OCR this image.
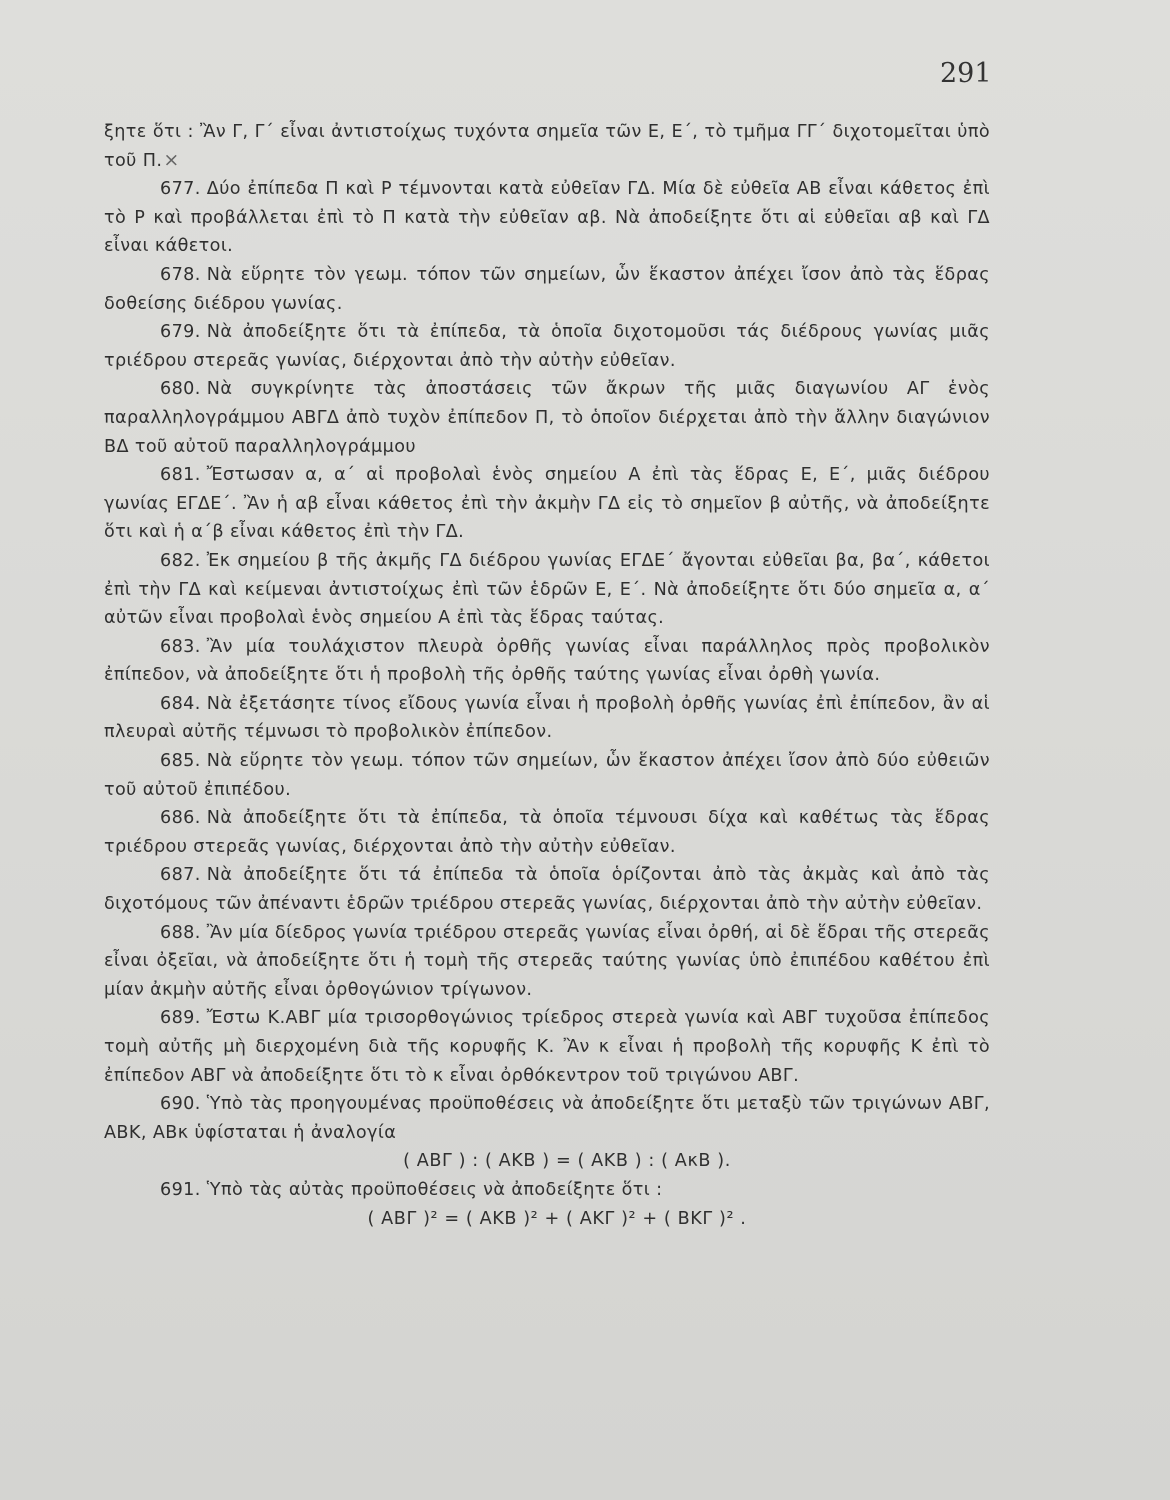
291

ξητε ὅτι : Ἂν Γ, Γ΄ εἶναι ἀντιστοίχως τυχόντα σημεῖα τῶν Ε, Ε΄, τὸ τμῆμα ΓΓ΄ διχοτομεῖται ὑπὸ τοῦ Π.×

677. Δύο ἐπίπεδα Π καὶ Ρ τέμνονται κατὰ εὐθεῖαν ΓΔ. Μία δὲ εὐθεῖα ΑΒ εἶναι κάθετος ἐπὶ τὸ Ρ καὶ προβάλλεται ἐπὶ τὸ Π κατὰ τὴν εὐθεῖαν αβ. Νὰ ἀποδείξητε ὅτι αἱ εὐθεῖαι αβ καὶ ΓΔ εἶναι κάθετοι.

678. Νὰ εὕρητε τὸν γεωμ. τόπον τῶν σημείων, ὧν ἕκαστον ἀπέχει ἴσον ἀπὸ τὰς ἕδρας δοθείσης διέδρου γωνίας.

679. Νὰ ἀποδείξητε ὅτι τὰ ἐπίπεδα, τὰ ὁποῖα διχοτομοῦσι τάς διέδρους γωνίας μιᾶς τριέδρου στερεᾶς γωνίας, διέρχονται ἀπὸ τὴν αὐτὴν εὐθεῖαν.

680. Νὰ συγκρίνητε τὰς ἀποστάσεις τῶν ἄκρων τῆς μιᾶς διαγωνίου ΑΓ ἑνὸς παραλληλογράμμου ΑΒΓΔ ἀπὸ τυχὸν ἐπίπεδον Π, τὸ ὁποῖον διέρχεται ἀπὸ τὴν ἄλλην διαγώνιον ΒΔ τοῦ αὐτοῦ παραλληλογράμμου

681. Ἔστωσαν α, α΄ αἱ προβολαὶ ἑνὸς σημείου Α ἐπὶ τὰς ἕδρας Ε, Ε΄, μιᾶς διέδρου γωνίας ΕΓΔΕ΄. Ἂν ἡ αβ εἶναι κάθετος ἐπὶ τὴν ἀκμὴν ΓΔ εἰς τὸ σημεῖον β αὐτῆς, νὰ ἀποδείξητε ὅτι καὶ ἡ α΄β εἶναι κάθετος ἐπὶ τὴν ΓΔ.

682. Ἐκ σημείου β τῆς ἀκμῆς ΓΔ διέδρου γωνίας ΕΓΔΕ΄ ἄγονται εὐθεῖαι βα, βα΄, κάθετοι ἐπὶ τὴν ΓΔ καὶ κείμεναι ἀντιστοίχως ἐπὶ τῶν ἑδρῶν Ε, Ε΄. Νὰ ἀποδείξητε ὅτι δύο σημεῖα α, α΄ αὐτῶν εἶναι προβολαὶ ἑνὸς σημείου Α ἐπὶ τὰς ἕδρας ταύτας.

683. Ἂν μία τουλάχιστον πλευρὰ ὀρθῆς γωνίας εἶναι παράλληλος πρὸς προβολικὸν ἐπίπεδον, νὰ ἀποδείξητε ὅτι ἡ προβολὴ τῆς ὀρθῆς ταύτης γωνίας εἶναι ὀρθὴ γωνία.

684. Νὰ ἐξετάσητε τίνος εἴδους γωνία εἶναι ἡ προβολὴ ὀρθῆς γωνίας ἐπὶ ἐπίπεδον, ἂν αἱ πλευραὶ αὐτῆς τέμνωσι τὸ προβολικὸν ἐπίπεδον.

685. Νὰ εὕρητε τὸν γεωμ. τόπον τῶν σημείων, ὧν ἕκαστον ἀπέχει ἴσον ἀπὸ δύο εὐθειῶν τοῦ αὐτοῦ ἐπιπέδου.

686. Νὰ ἀποδείξητε ὅτι τὰ ἐπίπεδα, τὰ ὁποῖα τέμνουσι δίχα καὶ καθέτως τὰς ἕδρας τριέδρου στερεᾶς γωνίας, διέρχονται ἀπὸ τὴν αὐτὴν εὐθεῖαν.

687. Νὰ ἀποδείξητε ὅτι τά ἐπίπεδα τὰ ὁποῖα ὁρίζονται ἀπὸ τὰς ἀκμὰς καὶ ἀπὸ τὰς διχοτόμους τῶν ἀπέναντι ἑδρῶν τριέδρου στερεᾶς γωνίας, διέρχονται ἀπὸ τὴν αὐτὴν εὐθεῖαν.

688. Ἂν μία δίεδρος γωνία τριέδρου στερεᾶς γωνίας εἶναι ὀρθή, αἱ δὲ ἕδραι τῆς στερεᾶς εἶναι ὀξεῖαι, νὰ ἀποδείξητε ὅτι ἡ τομὴ τῆς στερεᾶς ταύτης γωνίας ὑπὸ ἐπιπέδου καθέτου ἐπὶ μίαν ἀκμὴν αὐτῆς εἶναι ὀρθογώνιον τρίγωνον.

689. Ἔστω Κ.ΑΒΓ μία τρισορθογώνιος τρίεδρος στερεὰ γωνία καὶ ΑΒΓ τυχοῦσα ἐπίπεδος τομὴ αὐτῆς μὴ διερχομένη διὰ τῆς κορυφῆς Κ. Ἂν κ εἶναι ἡ προβολὴ τῆς κορυφῆς Κ ἐπὶ τὸ ἐπίπεδον ΑΒΓ νὰ ἀποδείξητε ὅτι τὸ κ εἶναι ὀρθόκεντρον τοῦ τριγώνου ΑΒΓ.

690. Ὑπὸ τὰς προηγουμένας προϋποθέσεις νὰ ἀποδείξητε ὅτι μεταξὺ τῶν τριγώνων ΑΒΓ, ΑΒΚ, ΑΒκ ὑφίσταται ἡ ἀναλογία

( ΑΒΓ ) : ( ΑΚΒ ) = ( ΑΚΒ ) : ( ΑκΒ ).

691. Ὑπὸ τὰς αὐτὰς προϋποθέσεις νὰ ἀποδείξητε ὅτι :

( ΑΒΓ )² = ( ΑΚΒ )² + ( ΑΚΓ )² + ( ΒΚΓ )² .
